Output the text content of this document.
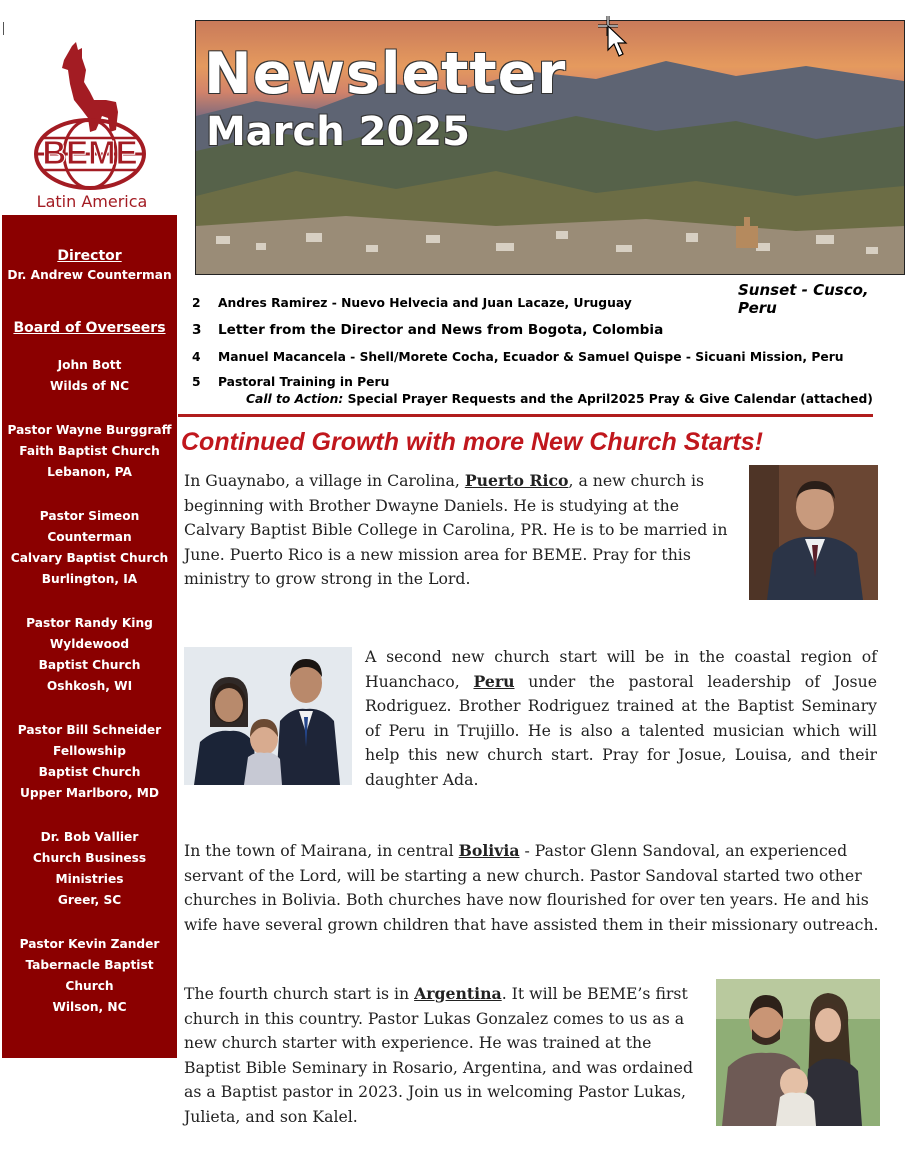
BEME
Latin America
Director
Dr. Andrew Counterman
Board of Overseers
John Bott
Wilds of NC
Pastor Wayne Burggraff
Faith Baptist Church
Lebanon, PA
Pastor Simeon
Counterman
Calvary Baptist Church
Burlington, IA
Pastor Randy King
Wyldewood
Baptist Church
Oshkosh, WI
Pastor Bill Schneider
Fellowship
Baptist Church
Upper Marlboro, MD
Dr. Bob Vallier
Church Business
Ministries
Greer, SC
Pastor Kevin Zander
Tabernacle Baptist
Church
Wilson, NC
Newsletter
March 2025
Sunset - Cusco, Peru
2 Andres Ramirez - Nuevo Helvecia and Juan Lacaze, Uruguay
3 Letter from the Director and News from Bogota, Colombia
4 Manuel Macancela - Shell/Morete Cocha, Ecuador & Samuel Quispe - Sicuani Mission, Peru
5 Pastoral Training in Peru
Call to Action: Special Prayer Requests and the April2025 Pray & Give Calendar (attached)
Continued Growth with more New Church Starts!
In Guaynabo, a village in Carolina, Puerto Rico, a new church is beginning with Brother Dwayne Daniels. He is studying at the Calvary Baptist Bible College in Carolina, PR. He is to be married in June. Puerto Rico is a new mission area for BEME. Pray for this ministry to grow strong in the Lord.
A second new church start will be in the coastal region of Huanchaco, Peru under the pastoral leadership of Josue Rodriguez. Brother Rodriguez trained at the Baptist Seminary of Peru in Trujillo. He is also a talented musician which will help this new church start. Pray for Josue, Louisa, and their daughter Ada.
In the town of Mairana, in central Bolivia - Pastor Glenn Sandoval, an experienced servant of the Lord, will be starting a new church. Pastor Sandoval started two other churches in Bolivia. Both churches have now flourished for over ten years. He and his wife have several grown children that have assisted them in their missionary outreach.
The fourth church start is in Argentina. It will be BEME’s first church in this country. Pastor Lukas Gonzalez comes to us as a new church starter with experience. He was trained at the Baptist Bible Seminary in Rosario, Argentina, and was ordained as a Baptist pastor in 2023. Join us in welcoming Pastor Lukas, Julieta, and son Kalel.
